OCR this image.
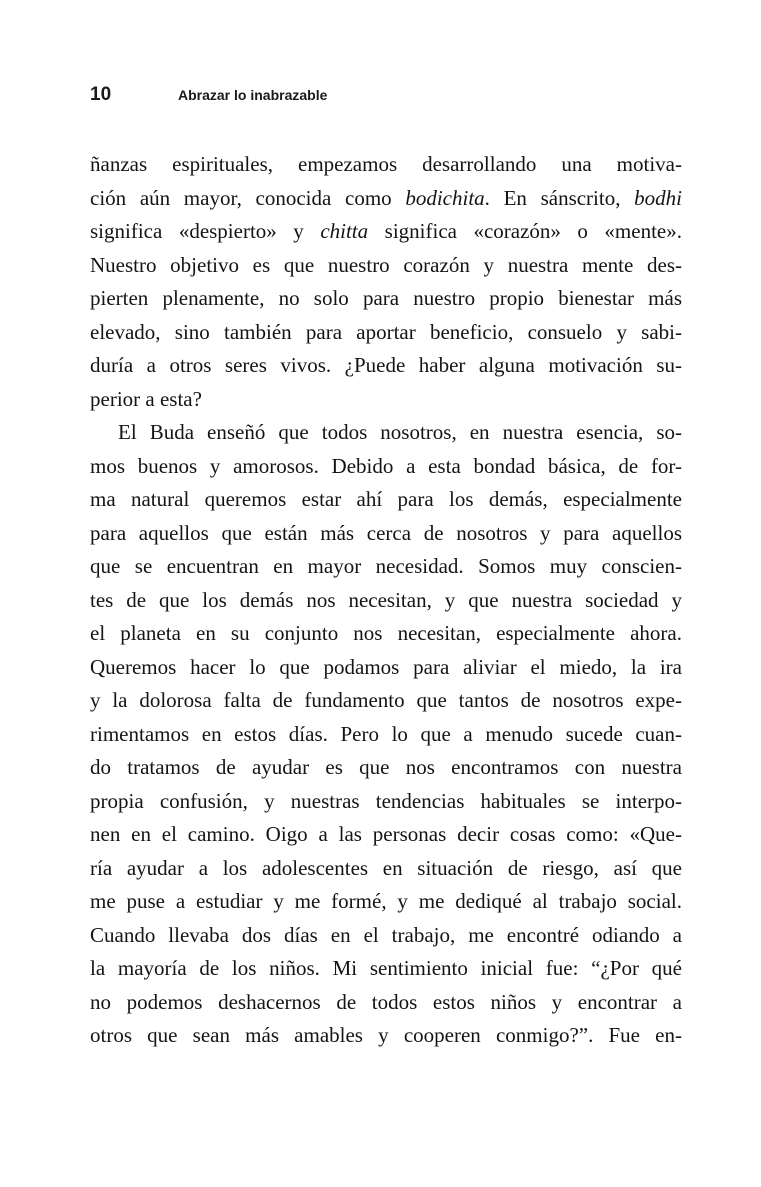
10	Abrazar lo inabrazable
ñanzas espirituales, empezamos desarrollando una motiva-
ción aún mayor, conocida como bodichita. En sánscrito, bodhi
significa «despierto» y chitta significa «corazón» o «mente».
Nuestro objetivo es que nuestro corazón y nuestra mente des-
pierten plenamente, no solo para nuestro propio bienestar más
elevado, sino también para aportar beneficio, consuelo y sabi-
duría a otros seres vivos. ¿Puede haber alguna motivación su-
perior a esta?
El Buda enseñó que todos nosotros, en nuestra esencia, so-
mos buenos y amorosos. Debido a esta bondad básica, de for-
ma natural queremos estar ahí para los demás, especialmente
para aquellos que están más cerca de nosotros y para aquellos
que se encuentran en mayor necesidad. Somos muy conscien-
tes de que los demás nos necesitan, y que nuestra sociedad y
el planeta en su conjunto nos necesitan, especialmente ahora.
Queremos hacer lo que podamos para aliviar el miedo, la ira
y la dolorosa falta de fundamento que tantos de nosotros expe-
rimentamos en estos días. Pero lo que a menudo sucede cuan-
do tratamos de ayudar es que nos encontramos con nuestra
propia confusión, y nuestras tendencias habituales se interpo-
nen en el camino. Oigo a las personas decir cosas como: «Que-
ría ayudar a los adolescentes en situación de riesgo, así que
me puse a estudiar y me formé, y me dediqué al trabajo social.
Cuando llevaba dos días en el trabajo, me encontré odiando a
la mayoría de los niños. Mi sentimiento inicial fue: “¿Por qué
no podemos deshacernos de todos estos niños y encontrar a
otros que sean más amables y cooperen conmigo?”. Fue en-
